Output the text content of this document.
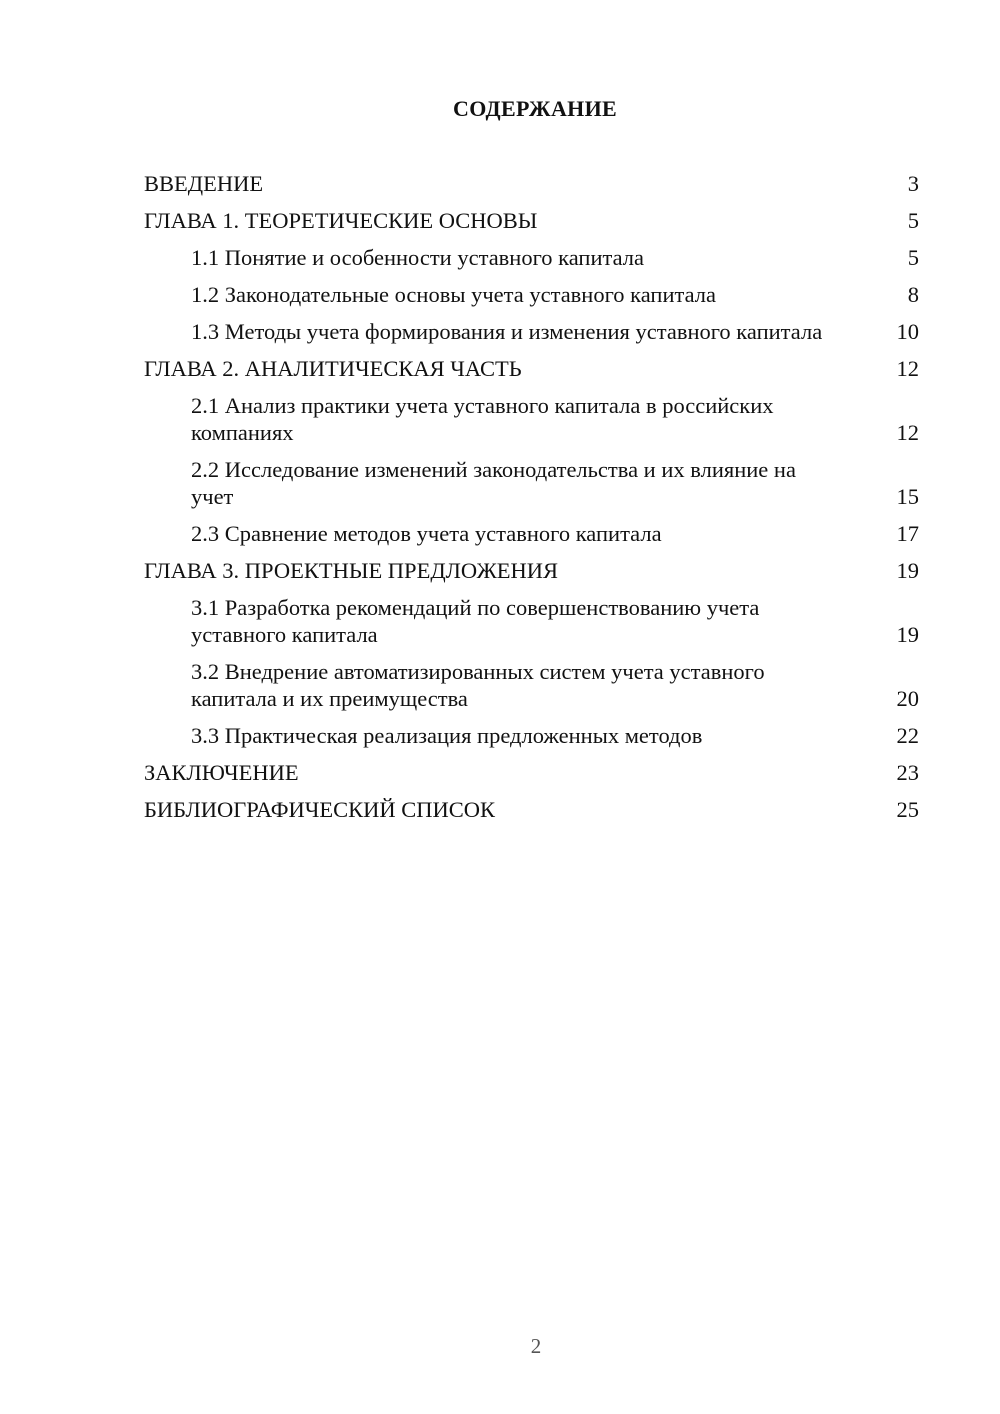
СОДЕРЖАНИЕ
ВВЕДЕНИЕ	3
ГЛАВА 1. ТЕОРЕТИЧЕСКИЕ ОСНОВЫ	5
1.1 Понятие и особенности уставного капитала	5
1.2 Законодательные основы учета уставного капитала	8
1.3 Методы учета формирования и изменения уставного капитала	10
ГЛАВА 2. АНАЛИТИЧЕСКАЯ ЧАСТЬ	12
2.1 Анализ практики учета уставного капитала в российских компаниях	12
2.2 Исследование изменений законодательства и их влияние на учет	15
2.3 Сравнение методов учета уставного капитала	17
ГЛАВА 3. ПРОЕКТНЫЕ ПРЕДЛОЖЕНИЯ	19
3.1 Разработка рекомендаций по совершенствованию учета уставного капитала	19
3.2 Внедрение автоматизированных систем учета уставного капитала и их преимущества	20
3.3 Практическая реализация предложенных методов	22
ЗАКЛЮЧЕНИЕ	23
БИБЛИОГРАФИЧЕСКИЙ СПИСОК	25
2
